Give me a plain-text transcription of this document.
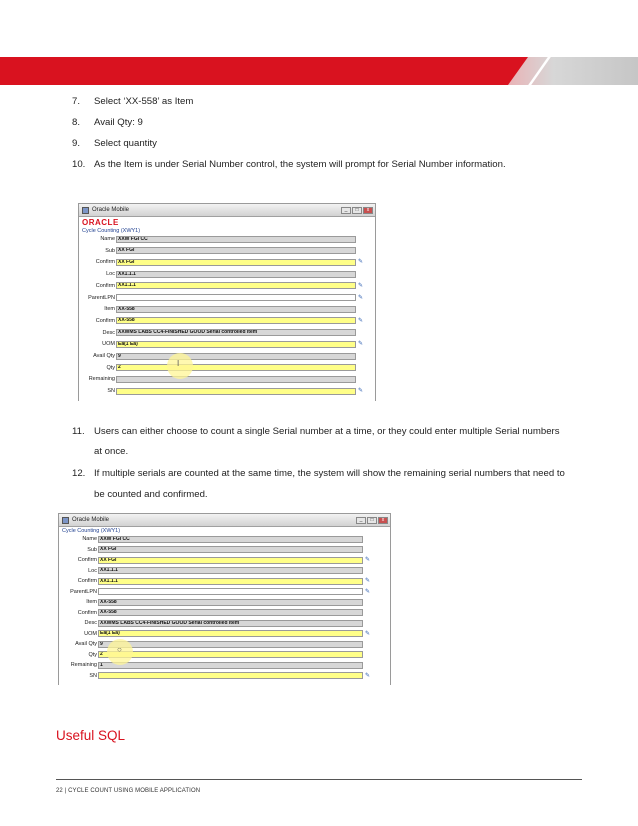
7. Select ‘XX-558’ as Item
8. Avail Qty: 9
9. Select quantity
10. As the Item is under Serial Number control, the system will prompt for Serial Number information.
Oracle Mobile	_	□	x
ORACLE
Cycle Counting (XWY1)
Name XXW FGI CC
Sub XX FGI
Confirm XX FGI	✎
Loc XX1.1.1
Confirm XX1.1.1	✎
ParentLPN	✎
Item XX-558
Confirm XX-558	✎
Desc XXWMS LABS CC4-FINISHED GOOD Serial controlled item
UOM Ea(1 Ea)	✎
Avail Qty 9
Qty 2
Remaining
SN	✎
I
11. Users can either choose to count a single Serial number at a time, or they could enter multiple Serial numbers
at once.
12. If multiple serials are counted at the same time, the system will show the remaining serial numbers that need to
be counted and confirmed.
Oracle Mobile	_	□	x
Cycle Counting (XWY1)
Name XXW FGI CC
Sub XX FGI
Confirm XX FGI	✎
Loc XX1.1.1
Confirm XX1.1.1	✎
ParentLPN	✎
Item XX-558
Confirm XX-558
Desc XXWMS LABS CC4-FINISHED GOOD Serial controlled item
UOM Ea(1 Ea)	✎
Avail Qty 9
Qty 2
Remaining 1
SN	✎
○
Useful SQL
22 | CYCLE COUNT USING MOBILE APPLICATION
